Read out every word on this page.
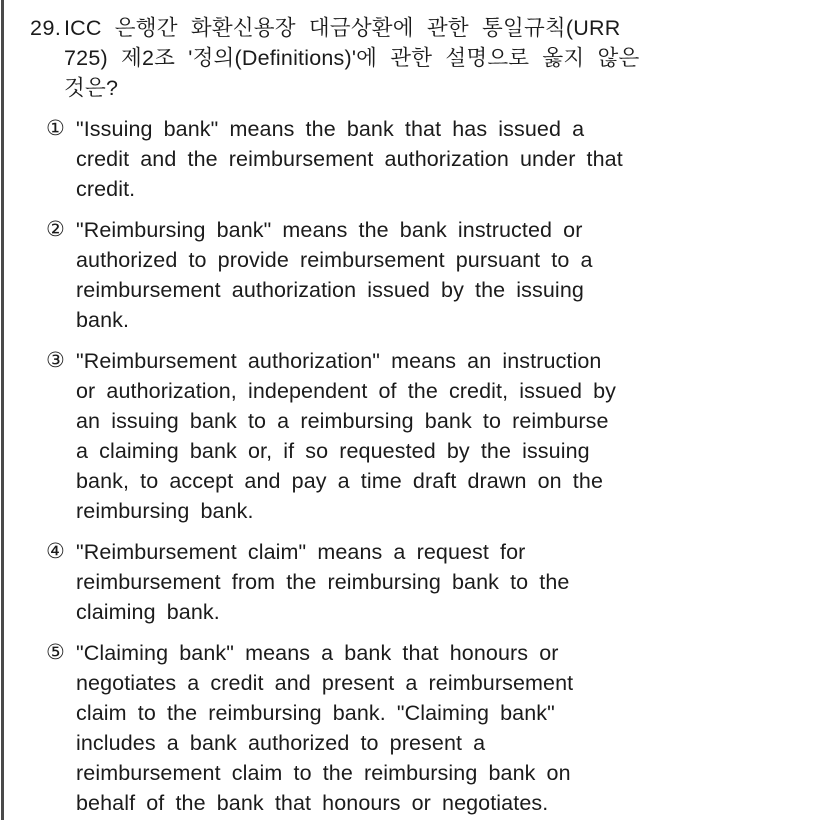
29. ICC 은행간 화환신용장 대금상환에 관한 통일규칙(URR
725) 제2조 '정의(Definitions)'에 관한 설명으로 옳지 않은
것은?
① "Issuing bank" means the bank that has issued a
credit and the reimbursement authorization under that
credit.
② "Reimbursing bank" means the bank instructed or
authorized to provide reimbursement pursuant to a
reimbursement authorization issued by the issuing
bank.
③ "Reimbursement authorization" means an instruction
or authorization, independent of the credit, issued by
an issuing bank to a reimbursing bank to reimburse
a claiming bank or, if so requested by the issuing
bank, to accept and pay a time draft drawn on the
reimbursing bank.
④ "Reimbursement claim" means a request for
reimbursement from the reimbursing bank to the
claiming bank.
⑤ "Claiming bank" means a bank that honours or
negotiates a credit and present a reimbursement
claim to the reimbursing bank. "Claiming bank"
includes a bank authorized to present a
reimbursement claim to the reimbursing bank on
behalf of the bank that honours or negotiates.
